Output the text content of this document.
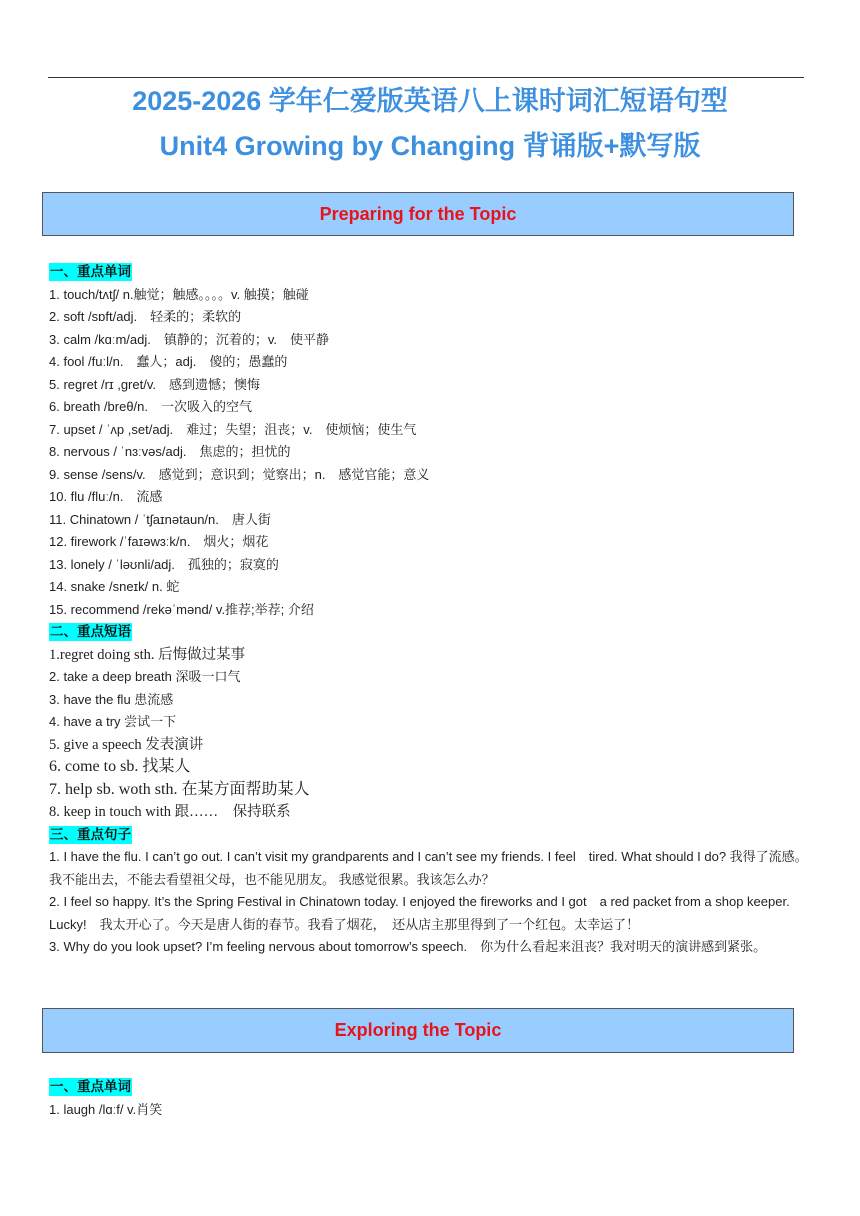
2025-2026 学年仁爱版英语八上课时词汇短语句型
Unit4 Growing by Changing 背诵版+默写版
Preparing for the Topic
一、重点单词
1. touch/tʌtʃ/ n.触觉；触感。。。。v. 触摸；触碰
2. soft /sɒft/adj.　轻柔的；柔软的
3. calm /kɑːm/adj.　镇静的；沉着的；v.　使平静
4. fool /fuːl/n.　蠢人；adj.　傻的；愚蠢的
5. regret /rɪ ,gret/v.　感到遗憾；懊悔
6. breath /breθ/n.　一次吸入的空气
7. upset / ˈʌp ,set/adj.　难过；失望；沮丧；v.　使烦恼；使生气
8. nervous / ˈnɜːvəs/adj.　焦虑的；担忧的
9. sense /sens/v.　感觉到；意识到；觉察出；n.　感觉官能；意义
10. flu /fluː/n.　流感
11. Chinatown / ˈtʃaɪnətaun/n.　唐人街
12. firework /ˈfaɪəwɜːk/n.　烟火；烟花
13. lonely / ˈləʊnli/adj.　孤独的；寂寞的
14. snake /sneɪk/ n. 蛇
15. recommend /rekəˈmənd/ v.推荐;举荐; 介绍
二、重点短语
1.regret doing sth. 后悔做过某事
2. take a deep breath 深吸一口气
3. have the flu 患流感
4. have a try 尝试一下
5. give a speech 发表演讲
6. come to sb. 找某人
7. help sb. woth sth. 在某方面帮助某人
8. keep in touch with 跟……　保持联系
三、重点句子
1. I have the flu. I can’t go out. I can’t visit my grandparents and I can’t see my friends. I feel　tired. What should I do? 我得了流感。我不能出去，不能去看望祖父母，也不能见朋友。 我感觉很累。我该怎么办？
2. I feel so happy. It’s the Spring Festival in Chinatown today. I enjoyed the fireworks and I got　a red packet from a shop keeper. Lucky!　我太开心了。今天是唐人街的春节。我看了烟花，　还从店主那里得到了一个红包。太幸运了！
3. Why do you look upset? I’m feeling nervous about tomorrow’s speech.　你为什么看起来沮丧？我对明天的演讲感到紧张。
Exploring the Topic
一、重点单词
1. laugh /lɑːf/ v.肖笑
